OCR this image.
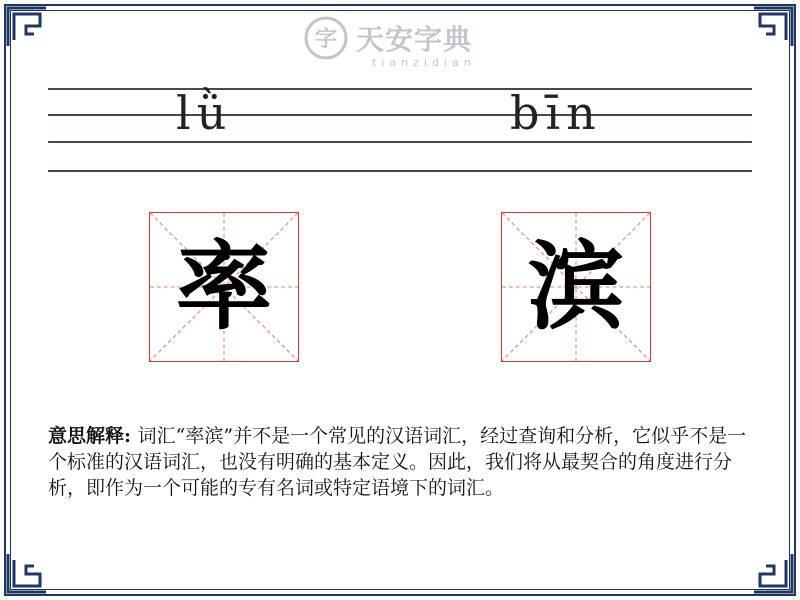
字 天安字典
tianzidian
lǜ	bīn
率	滨
意思解释: 词汇“率滨”并不是一个常见的汉语词汇，经过查询和分析，它似乎不是一个标准的汉语词汇，也没有明确的基本定义。因此，我们将从最契合的角度进行分析，即作为一个可能的专有名词或特定语境下的词汇。
